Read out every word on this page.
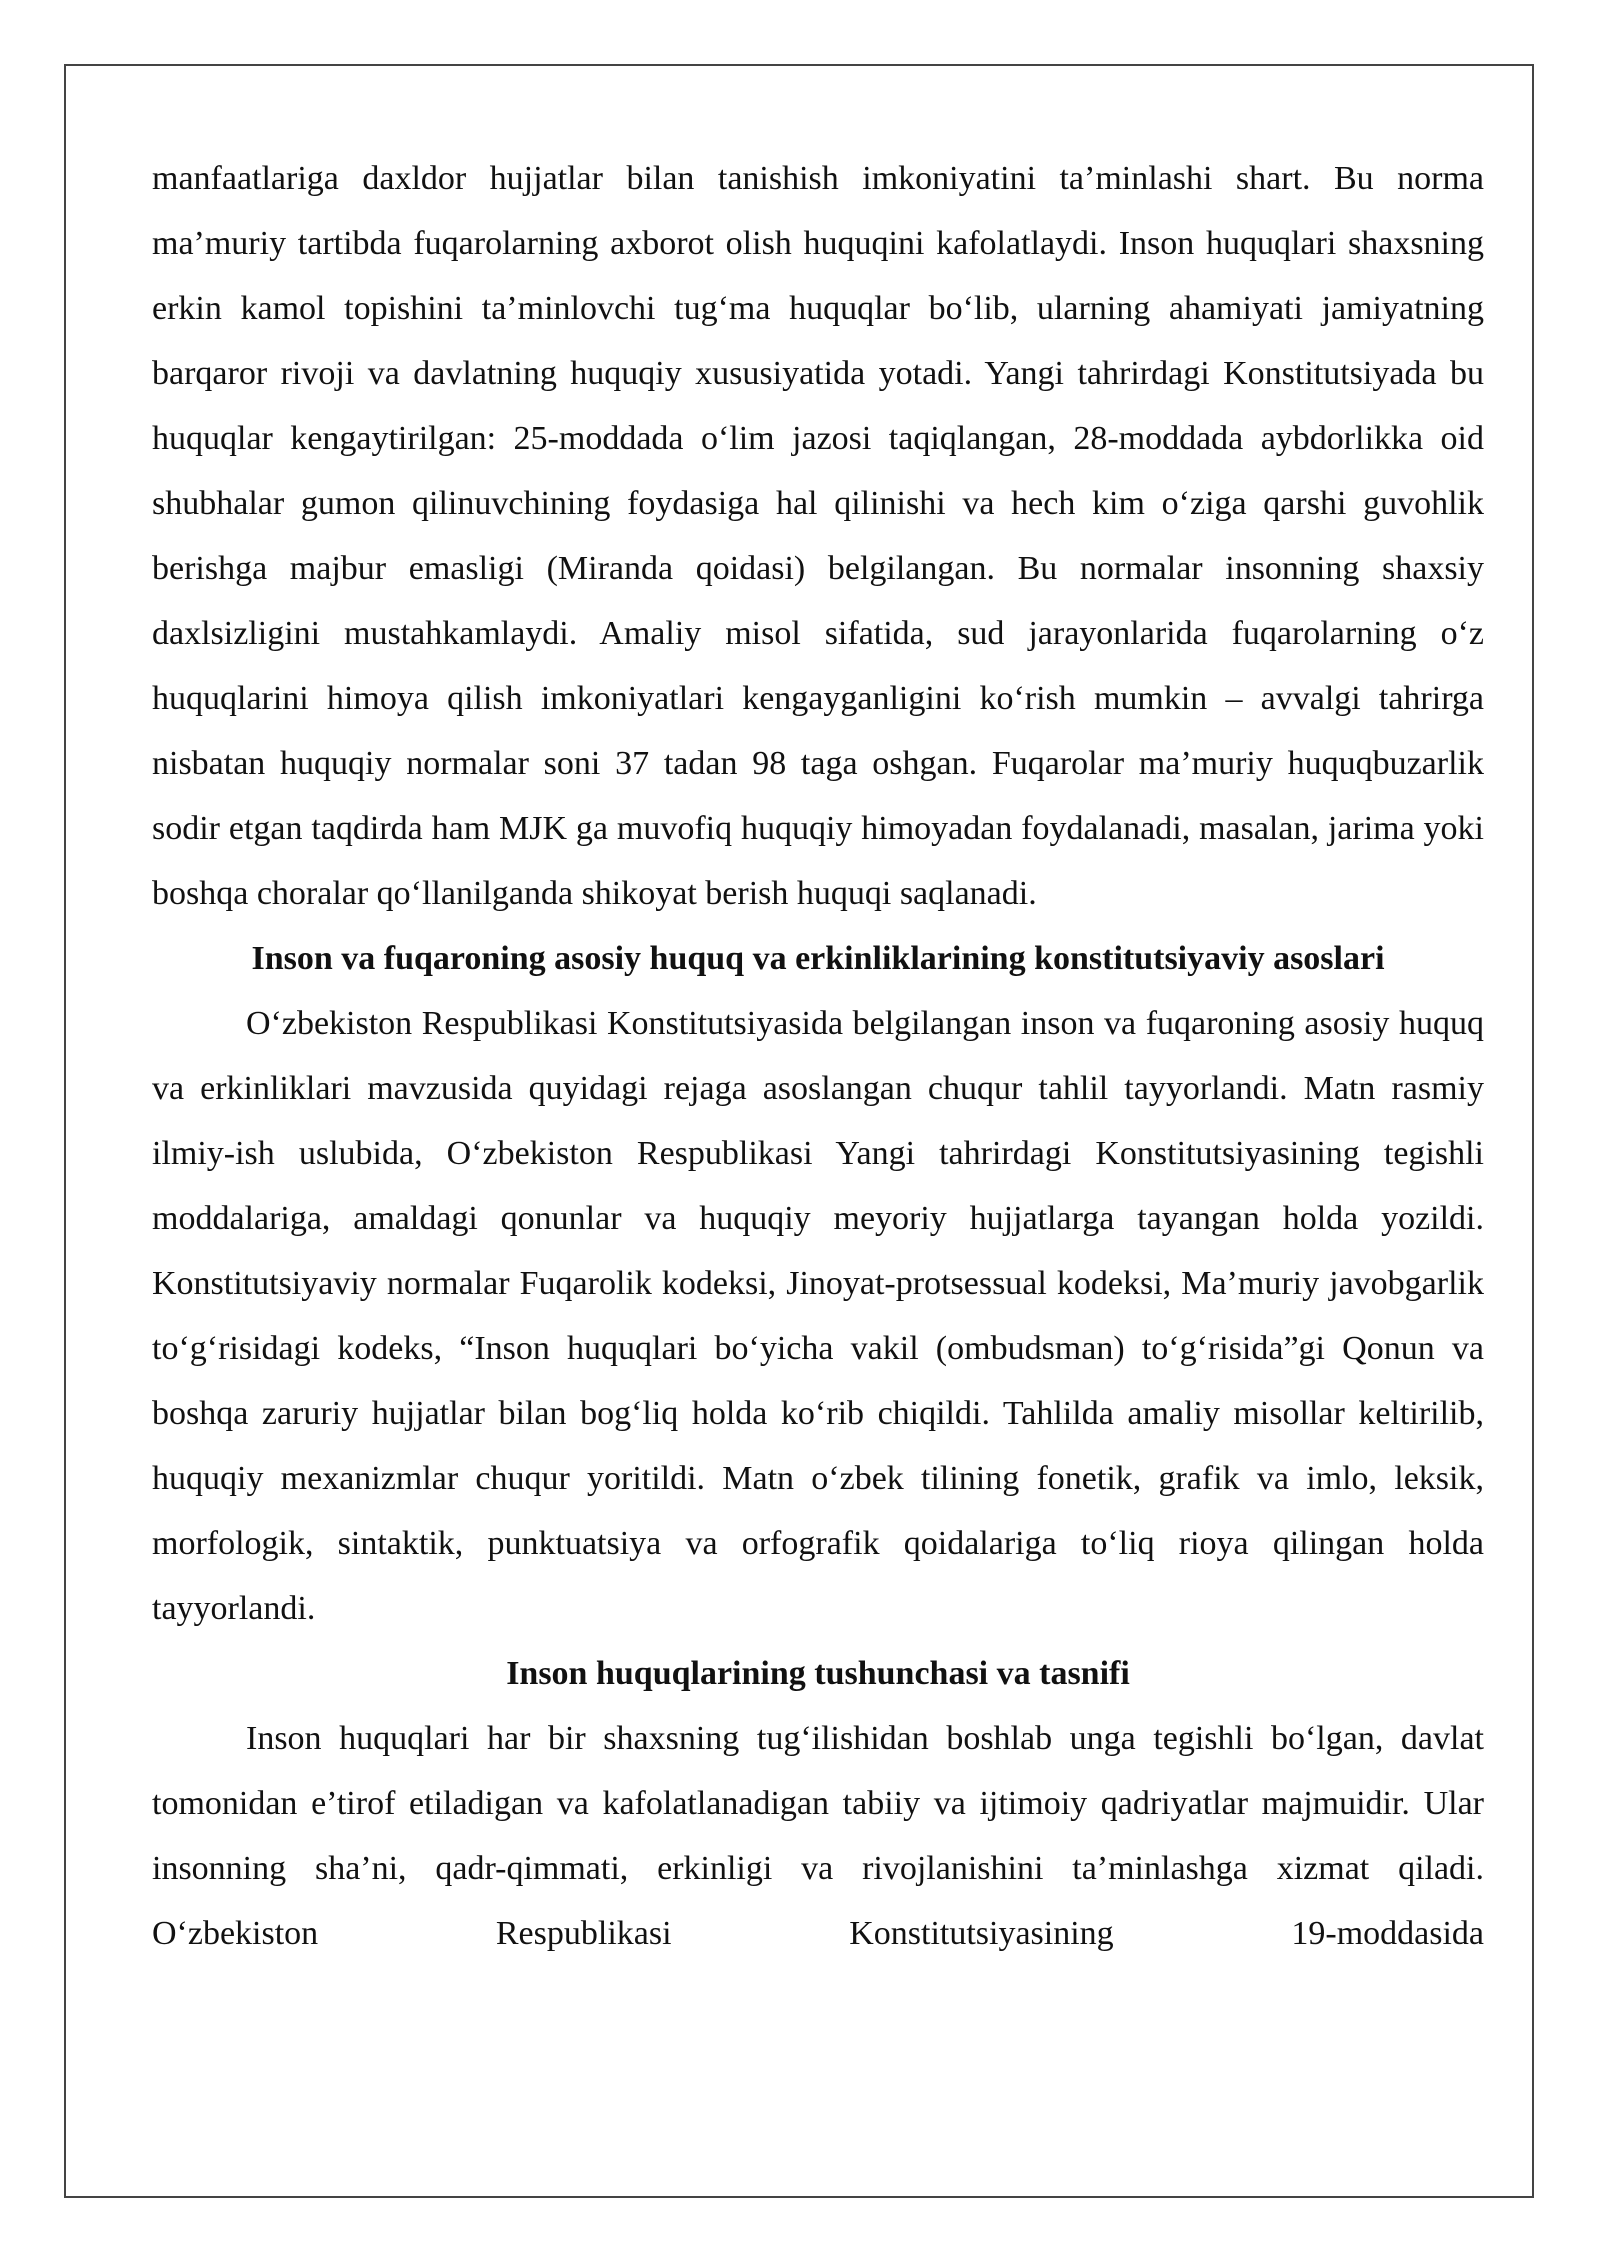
manfaatlariga daxldor hujjatlar bilan tanishish imkoniyatini ta’minlashi shart. Bu norma ma’muriy tartibda fuqarolarning axborot olish huquqini kafolatlaydi. Inson huquqlari shaxsning erkin kamol topishini ta’minlovchi tug‘ma huquqlar bo‘lib, ularning ahamiyati jamiyatning barqaror rivoji va davlatning huquqiy xususiyatida yotadi. Yangi tahrirdagi Konstitutsiyada bu huquqlar kengaytirilgan: 25-moddada o‘lim jazosi taqiqlangan, 28-moddada aybdorlikka oid shubhalar gumon qilinuvchining foydasiga hal qilinishi va hech kim o‘ziga qarshi guvohlik berishga majbur emasligi (Miranda qoidasi) belgilangan. Bu normalar insonning shaxsiy daxlsizligini mustahkamlaydi. Amaliy misol sifatida, sud jarayonlarida fuqarolarning o‘z huquqlarini himoya qilish imkoniyatlari kengayganligini ko‘rish mumkin – avvalgi tahrirga nisbatan huquqiy normalar soni 37 tadan 98 taga oshgan. Fuqarolar ma’muriy huquqbuzarlik sodir etgan taqdirda ham MJK ga muvofiq huquqiy himoyadan foydalanadi, masalan, jarima yoki boshqa choralar qo‘llanilganda shikoyat berish huquqi saqlanadi.

Inson va fuqaroning asosiy huquq va erkinliklarining konstitutsiyaviy asoslari

O‘zbekiston Respublikasi Konstitutsiyasida belgilangan inson va fuqaroning asosiy huquq va erkinliklari mavzusida quyidagi rejaga asoslangan chuqur tahlil tayyorlandi. Matn rasmiy ilmiy-ish uslubida, O‘zbekiston Respublikasi Yangi tahrirdagi Konstitutsiyasining tegishli moddalariga, amaldagi qonunlar va huquqiy meyoriy hujjatlarga tayangan holda yozildi. Konstitutsiyaviy normalar Fuqarolik kodeksi, Jinoyat-protsessual kodeksi, Ma’muriy javobgarlik to‘g‘risidagi kodeks, “Inson huquqlari bo‘yicha vakil (ombudsman) to‘g‘risida”gi Qonun va boshqa zaruriy hujjatlar bilan bog‘liq holda ko‘rib chiqildi. Tahlilda amaliy misollar keltirilib, huquqiy mexanizmlar chuqur yoritildi. Matn o‘zbek tilining fonetik, grafik va imlo, leksik, morfologik, sintaktik, punktuatsiya va orfografik qoidalariga to‘liq rioya qilingan holda tayyorlandi.

Inson huquqlarining tushunchasi va tasnifi

Inson huquqlari har bir shaxsning tug‘ilishidan boshlab unga tegishli bo‘lgan, davlat tomonidan e’tirof etiladigan va kafolatlanadigan tabiiy va ijtimoiy qadriyatlar majmuidir. Ular insonning sha’ni, qadr-qimmati, erkinligi va rivojlanishini ta’minlashga xizmat qiladi. O‘zbekiston Respublikasi Konstitutsiyasining 19-moddasida
